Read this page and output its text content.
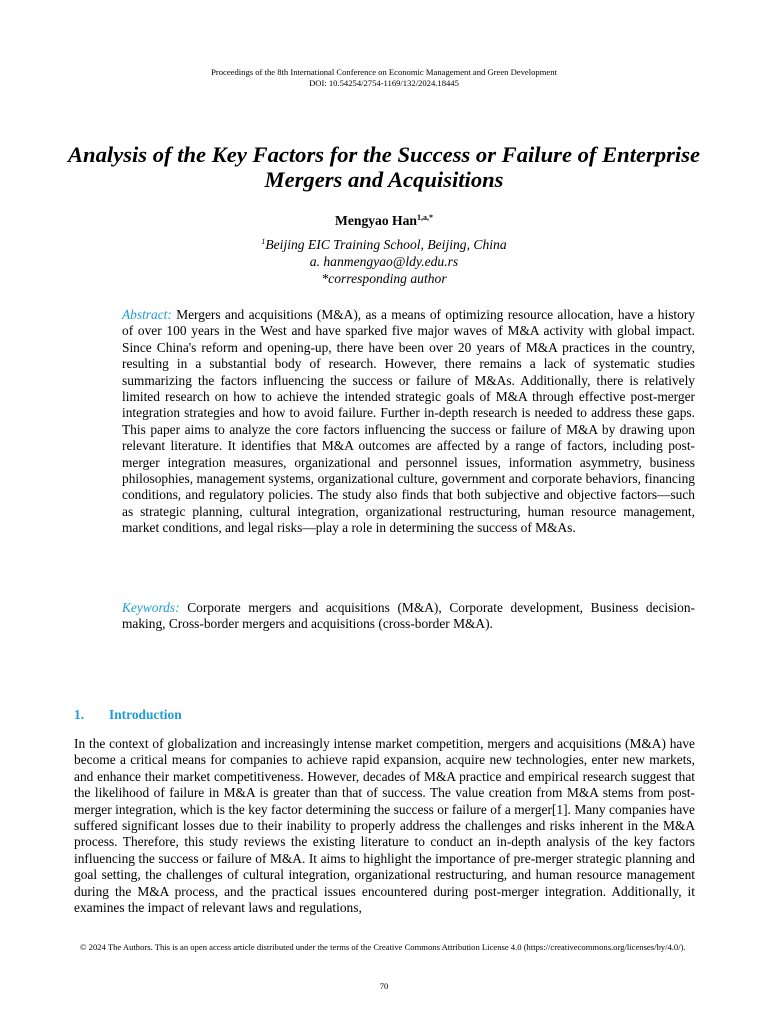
Proceedings of the 8th International Conference on Economic Management and Green Development
DOI: 10.54254/2754-1169/132/2024.18445
Analysis of the Key Factors for the Success or Failure of Enterprise Mergers and Acquisitions
Mengyao Han$^{1,a,*}$
$^1$Beijing EIC Training School, Beijing, China
a. hanmengyao@ldy.edu.rs
*corresponding author

Abstract: Mergers and acquisitions (M&A), as a means of optimizing resource allocation, have a history of over 100 years in the West and have sparked five major waves of M&A activity with global impact. Since China's reform and opening-up, there have been over 20 years of M&A practices in the country, resulting in a substantial body of research. However, there remains a lack of systematic studies summarizing the factors influencing the success or failure of M&As. Additionally, there is relatively limited research on how to achieve the intended strategic goals of M&A through effective post-merger integration strategies and how to avoid failure. Further in-depth research is needed to address these gaps. This paper aims to analyze the core factors influencing the success or failure of M&A by drawing upon relevant literature. It identifies that M&A outcomes are affected by a range of factors, including post-merger integration measures, organizational and personnel issues, information asymmetry, business philosophies, management systems, organizational culture, government and corporate behaviors, financing conditions, and regulatory policies. The study also finds that both subjective and objective factors—such as strategic planning, cultural integration, organizational restructuring, human resource management, market conditions, and legal risks—play a role in determining the success of M&As.

Keywords: Corporate mergers and acquisitions (M&A), Corporate development, Business decision-making, Cross-border mergers and acquisitions (cross-border M&A).

1. Introduction

In the context of globalization and increasingly intense market competition, mergers and acquisitions (M&A) have become a critical means for companies to achieve rapid expansion, acquire new technologies, enter new markets, and enhance their market competitiveness. However, decades of M&A practice and empirical research suggest that the likelihood of failure in M&A is greater than that of success. The value creation from M&A stems from post-merger integration, which is the key factor determining the success or failure of a merger[1]. Many companies have suffered significant losses due to their inability to properly address the challenges and risks inherent in the M&A process. Therefore, this study reviews the existing literature to conduct an in-depth analysis of the key factors influencing the success or failure of M&A. It aims to highlight the importance of pre-merger strategic planning and goal setting, the challenges of cultural integration, organizational restructuring, and human resource management during the M&A process, and the practical issues encountered during post-merger integration. Additionally, it examines the impact of relevant laws and regulations,

© 2024 The Authors. This is an open access article distributed under the terms of the Creative Commons Attribution License 4.0 (https://creativecommons.org/licenses/by/4.0/).
70
